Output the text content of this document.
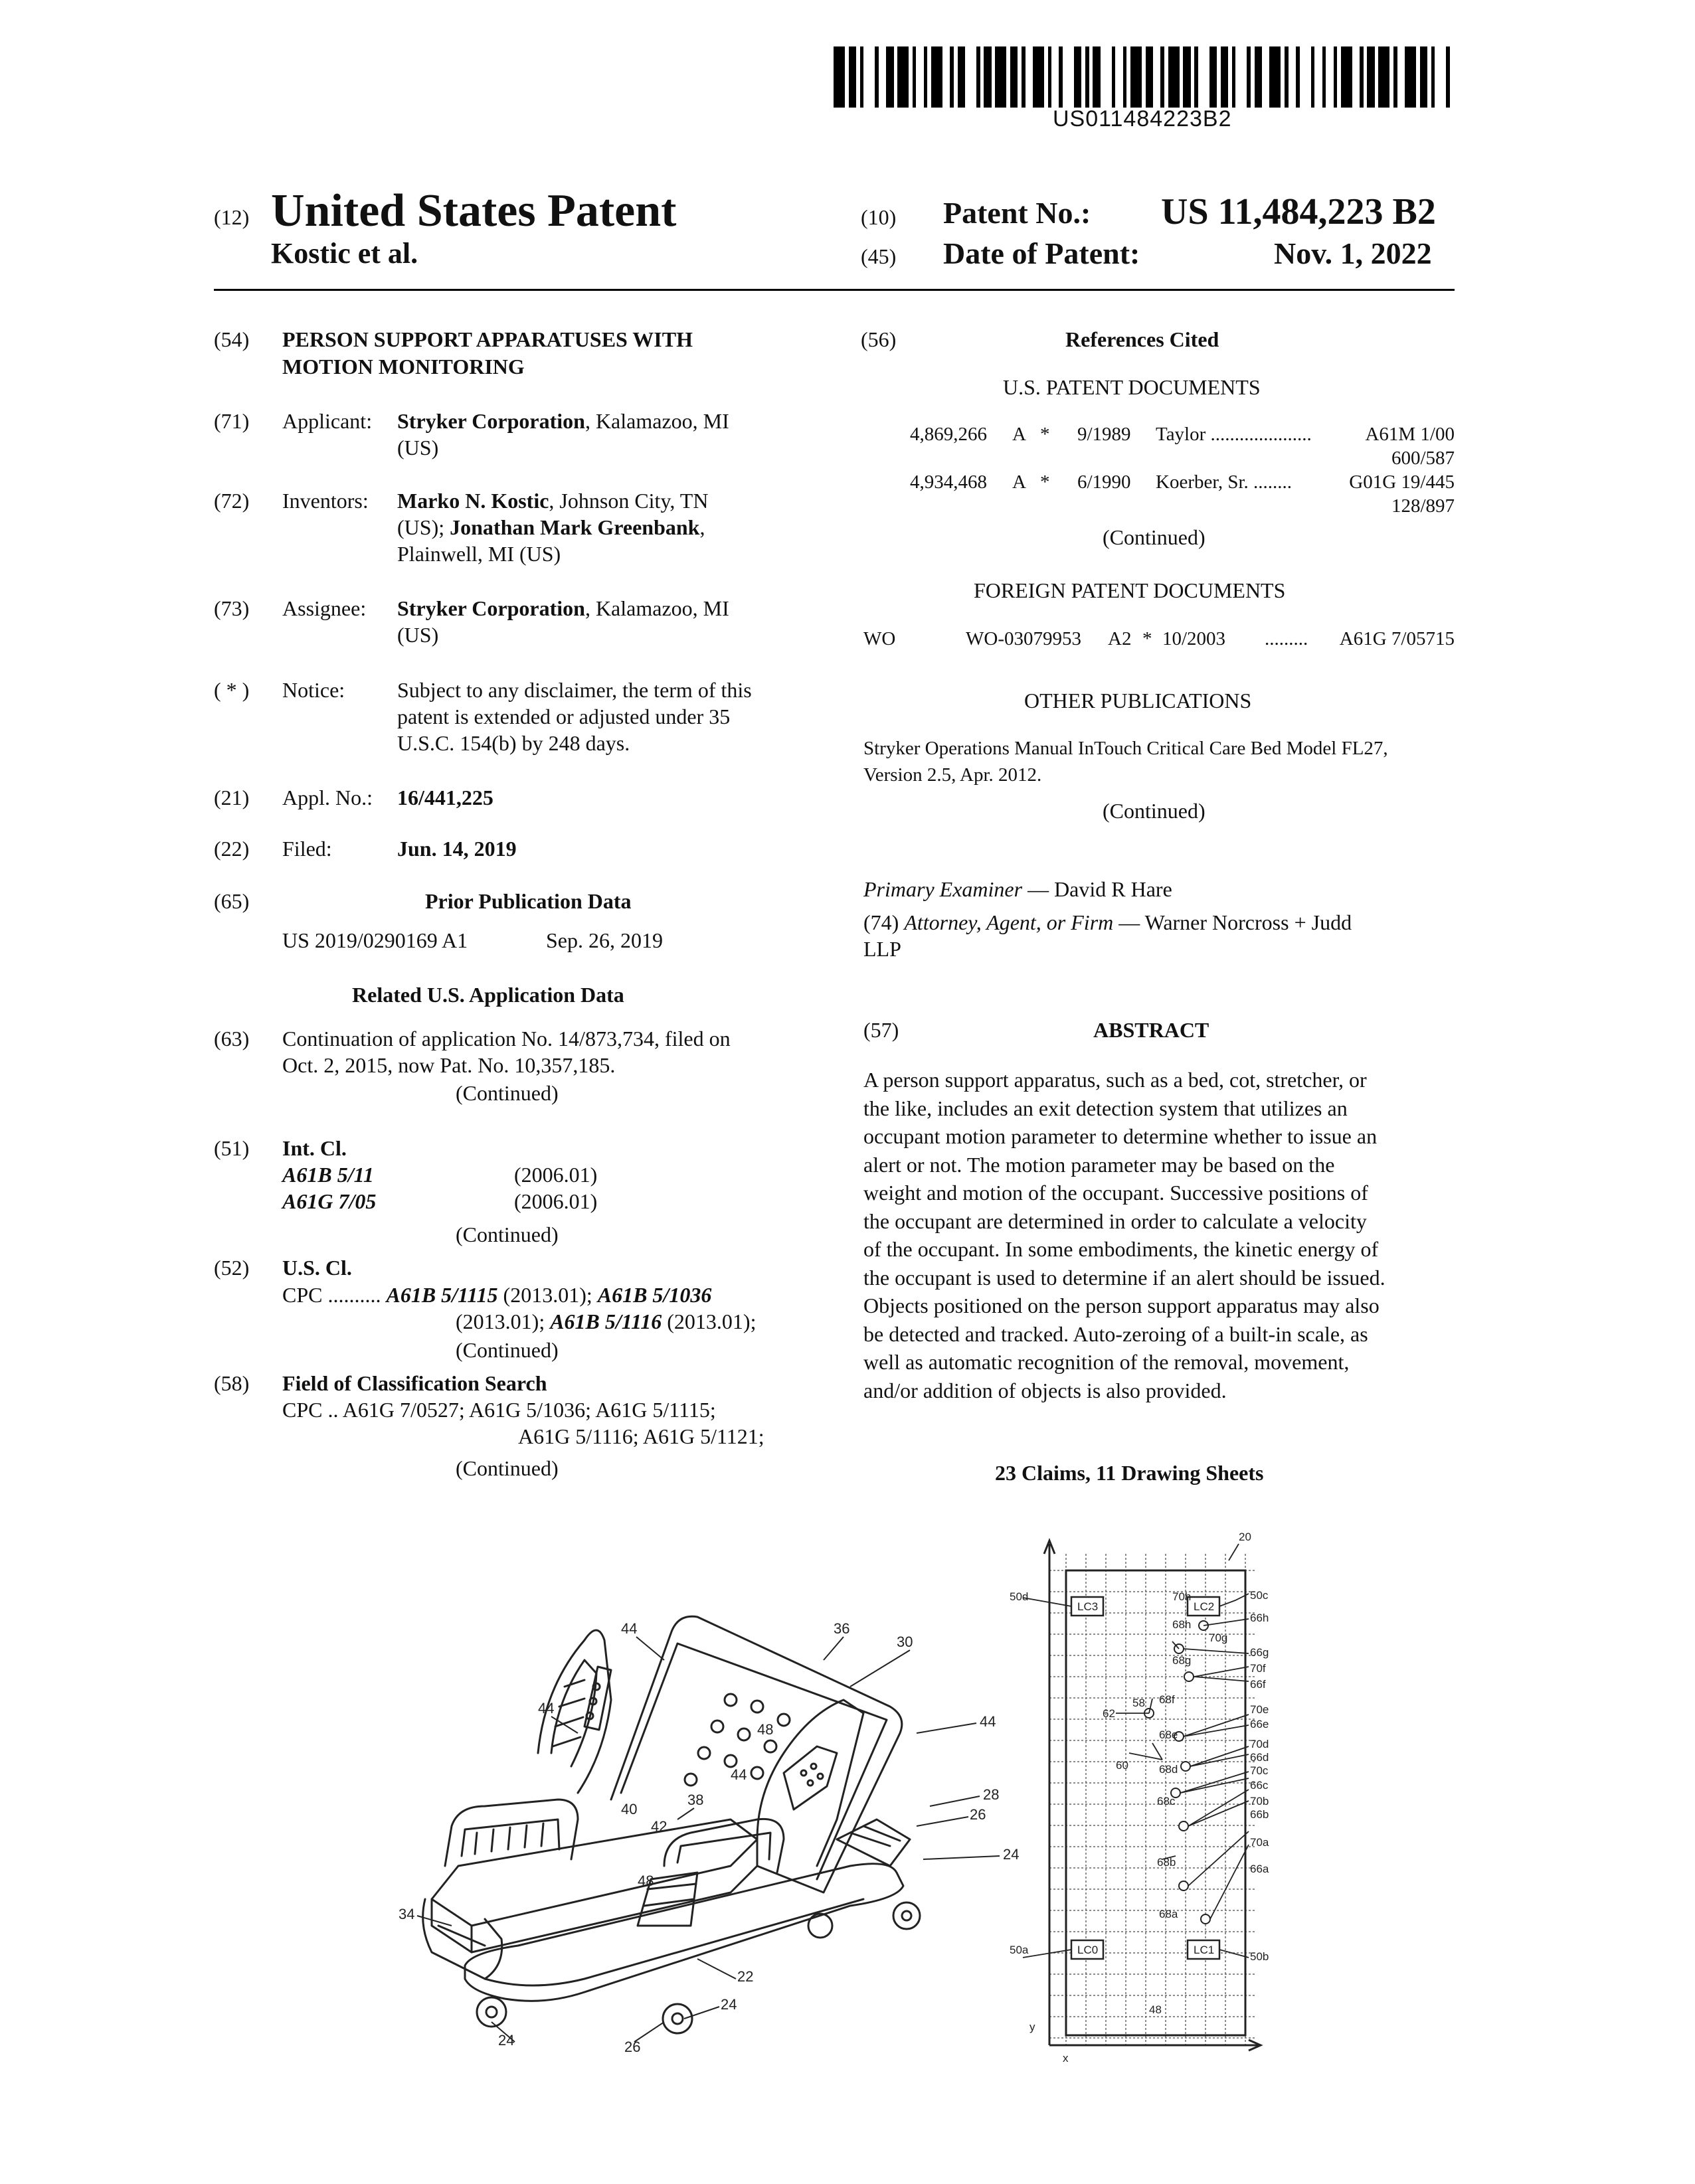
US011484223B2
(12) United States Patent
Kostic et al.
(10) Patent No.: US 11,484,223 B2
(45) Date of Patent:	Nov. 1, 2022
(54) PERSON SUPPORT APPARATUSES WITH
MOTION MONITORING
(71) Applicant: Stryker Corporation, Kalamazoo, MI
(US)
(72) Inventors: Marko N. Kostic, Johnson City, TN
(US); Jonathan Mark Greenbank,
Plainwell, MI (US)
(73) Assignee: Stryker Corporation, Kalamazoo, MI
(US)
( * ) Notice: Subject to any disclaimer, the term of this
patent is extended or adjusted under 35
U.S.C. 154(b) by 248 days.
(21) Appl. No.: 16/441,225
(22) Filed:	Jun. 14, 2019
(65)	Prior Publication Data
US 2019/0290169 A1	Sep. 26, 2019
Related U.S. Application Data
(63) Continuation of application No. 14/873,734, filed on
Oct. 2, 2015, now Pat. No. 10,357,185.
(Continued)
(51) Int. Cl.
A61B 5/11	(2006.01)
A61G 7/05	(2006.01)
(Continued)
(52) U.S. Cl.
CPC .......... A61B 5/1115 (2013.01); A61B 5/1036
(2013.01); A61B 5/1116 (2013.01);
(Continued)
(58) Field of Classification Search
CPC .. A61G 7/0527; A61G 5/1036; A61G 5/1115;
A61G 5/1116; A61G 5/1121;
(Continued)
(56)	References Cited
U.S. PATENT DOCUMENTS
4,869,266 A * 9/1989 Taylor .....................	A61M 1/00
600/587
4,934,468 A * 6/1990 Koerber, Sr. ........	G01G 19/445
128/897
(Continued)
FOREIGN PATENT DOCUMENTS
WO	WO-03079953 A2 * 10/2003 ......... A61G 7/05715
OTHER PUBLICATIONS
Stryker Operations Manual InTouch Critical Care Bed Model FL27,
Version 2.5, Apr. 2012.
(Continued)
Primary Examiner — David R Hare
(74) Attorney, Agent, or Firm — Warner Norcross + Judd
LLP
(57)	ABSTRACT
A person support apparatus, such as a bed, cot, stretcher, or
the like, includes an exit detection system that utilizes an
occupant motion parameter to determine whether to issue an
alert or not. The motion parameter may be based on the
weight and motion of the occupant. Successive positions of
the occupant are determined in order to calculate a velocity
of the occupant. In some embodiments, the kinetic energy of
the occupant is used to determine if an alert should be issued.
Objects positioned on the person support apparatus may also
be detected and tracked. Auto-zeroing of a built-in scale, as
well as automatic recognition of the removal, movement,
and/or addition of objects is also provided.
23 Claims, 11 Drawing Sheets
44	36
30
44
48	44
38
40
42
44
28
26
24
48
34
22
24
24	26
LC3	LC2
LC0	LC1
20
50d	70h	50c
66h
68h
70g
66g
68g
70f
66f
58 68f
70e
66e
68e
62
70d
66d
68d	70c
60
66c
68c	70b
66b
68b
70a
66a
68a
50a
50b
48
y
x
